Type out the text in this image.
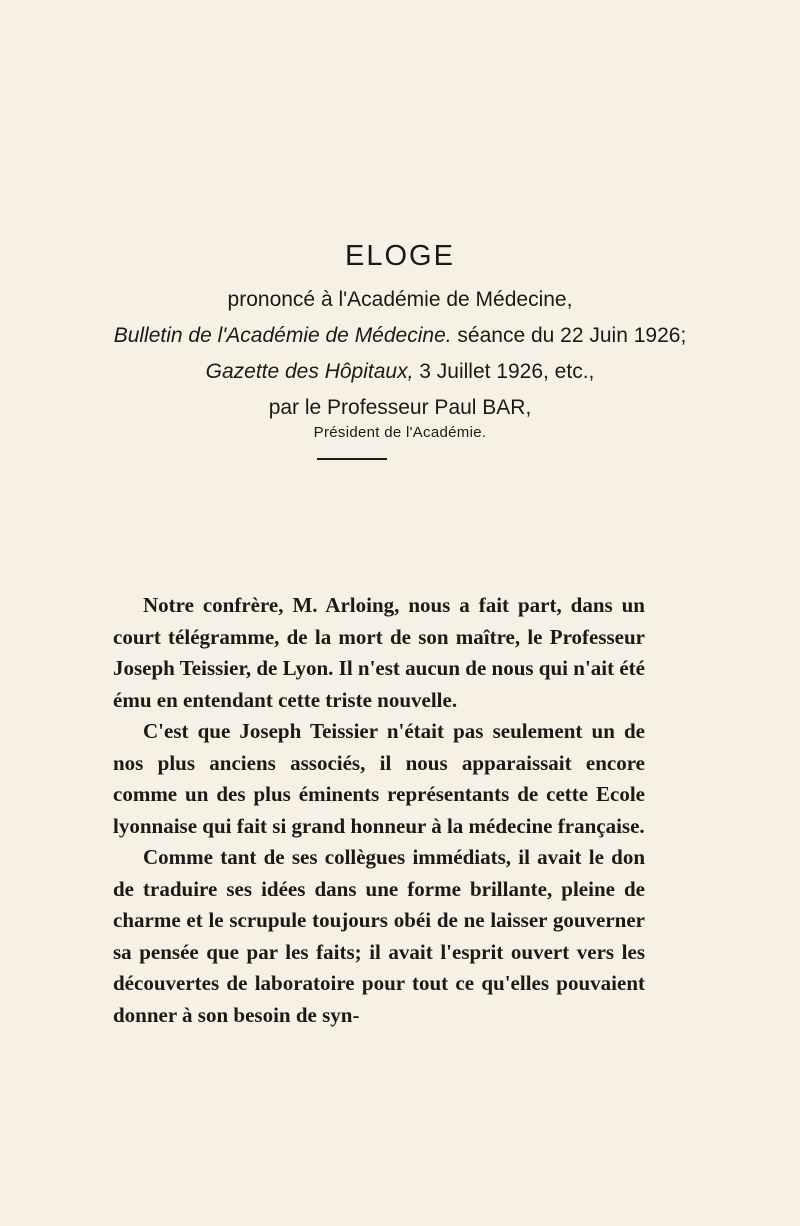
ELOGE
prononcé à l'Académie de Médecine,
Bulletin de l'Académie de Médecine. séance du 22 Juin 1926;
Gazette des Hôpitaux, 3 Juillet 1926, etc.,
par le Professeur Paul BAR,
Président de l'Académie.

Notre confrère, M. Arloing, nous a fait part, dans un court télégramme, de la mort de son maître, le Professeur Joseph Teissier, de Lyon. Il n'est aucun de nous qui n'ait été ému en entendant cette triste nouvelle.

C'est que Joseph Teissier n'était pas seulement un de nos plus anciens associés, il nous apparaissait encore comme un des plus éminents représentants de cette Ecole lyonnaise qui fait si grand honneur à la médecine française.

Comme tant de ses collègues immédiats, il avait le don de traduire ses idées dans une forme brillante, pleine de charme et le scrupule toujours obéi de ne laisser gouverner sa pensée que par les faits; il avait l'esprit ouvert vers les découvertes de laboratoire pour tout ce qu'elles pouvaient donner à son besoin de syn-
